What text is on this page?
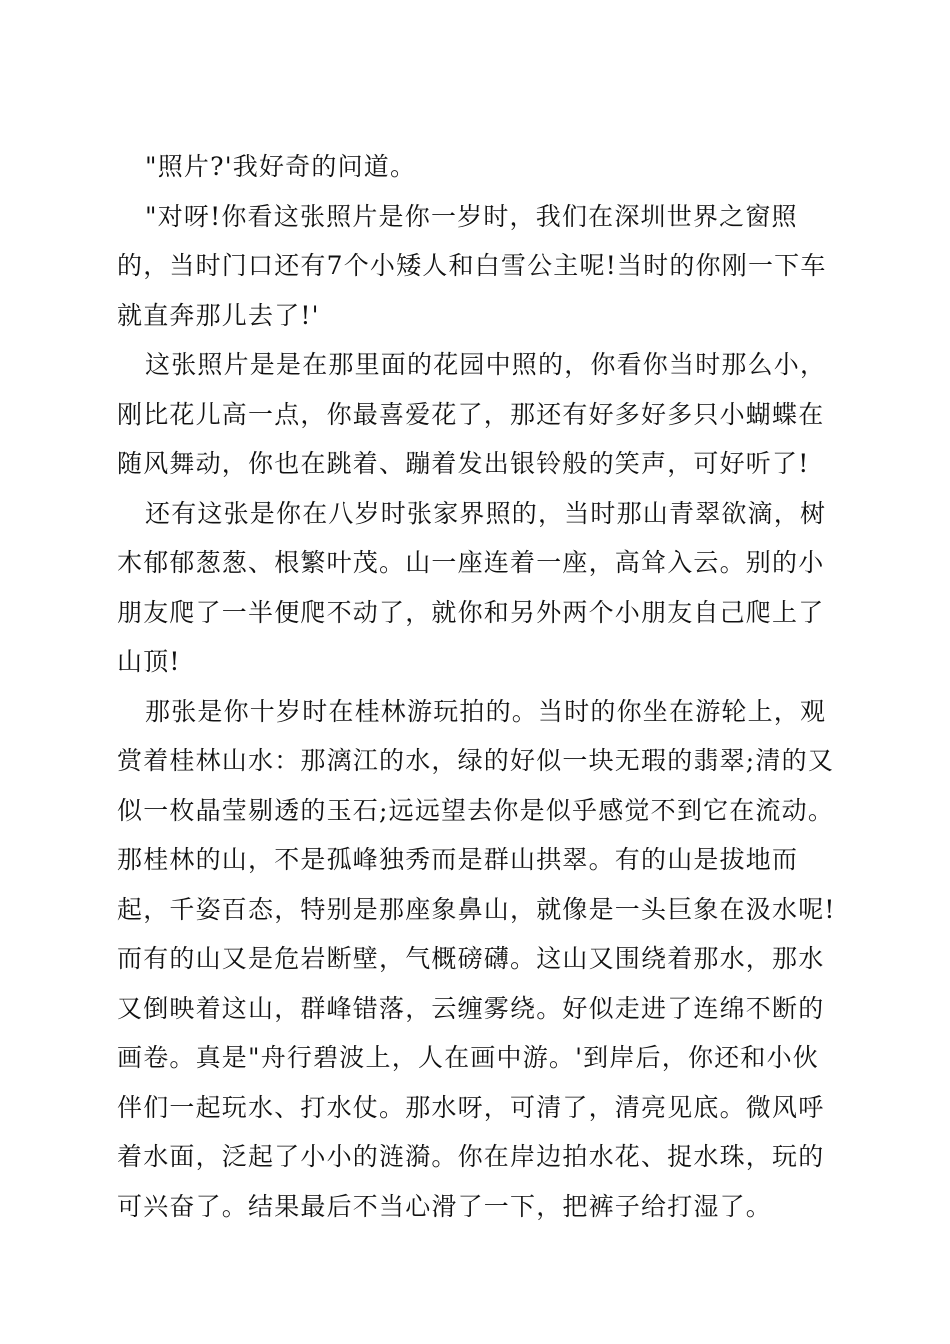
"照片?'我好奇的问道。

"对呀!你看这张照片是你一岁时，我们在深圳世界之窗照的，当时门口还有7个小矮人和白雪公主呢!当时的你刚一下车就直奔那儿去了!'

这张照片是是在那里面的花园中照的，你看你当时那么小，刚比花儿高一点，你最喜爱花了，那还有好多好多只小蝴蝶在随风舞动，你也在跳着、蹦着发出银铃般的笑声，可好听了!

还有这张是你在八岁时张家界照的，当时那山青翠欲滴，树木郁郁葱葱、根繁叶茂。山一座连着一座，高耸入云。别的小朋友爬了一半便爬不动了，就你和另外两个小朋友自己爬上了山顶!

那张是你十岁时在桂林游玩拍的。当时的你坐在游轮上，观赏着桂林山水：那漓江的水，绿的好似一块无瑕的翡翠;清的又似一枚晶莹剔透的玉石;远远望去你是似乎感觉不到它在流动。那桂林的山，不是孤峰独秀而是群山拱翠。有的山是拔地而起，千姿百态，特别是那座象鼻山，就像是一头巨象在汲水呢!而有的山又是危岩断壁，气概磅礴。这山又围绕着那水，那水又倒映着这山，群峰错落，云缠雾绕。好似走进了连绵不断的画卷。真是"舟行碧波上，人在画中游。'到岸后，你还和小伙伴们一起玩水、打水仗。那水呀，可清了，清亮见底。微风呼着水面，泛起了小小的涟漪。你在岸边拍水花、捉水珠，玩的可兴奋了。结果最后不当心滑了一下，把裤子给打湿了。
